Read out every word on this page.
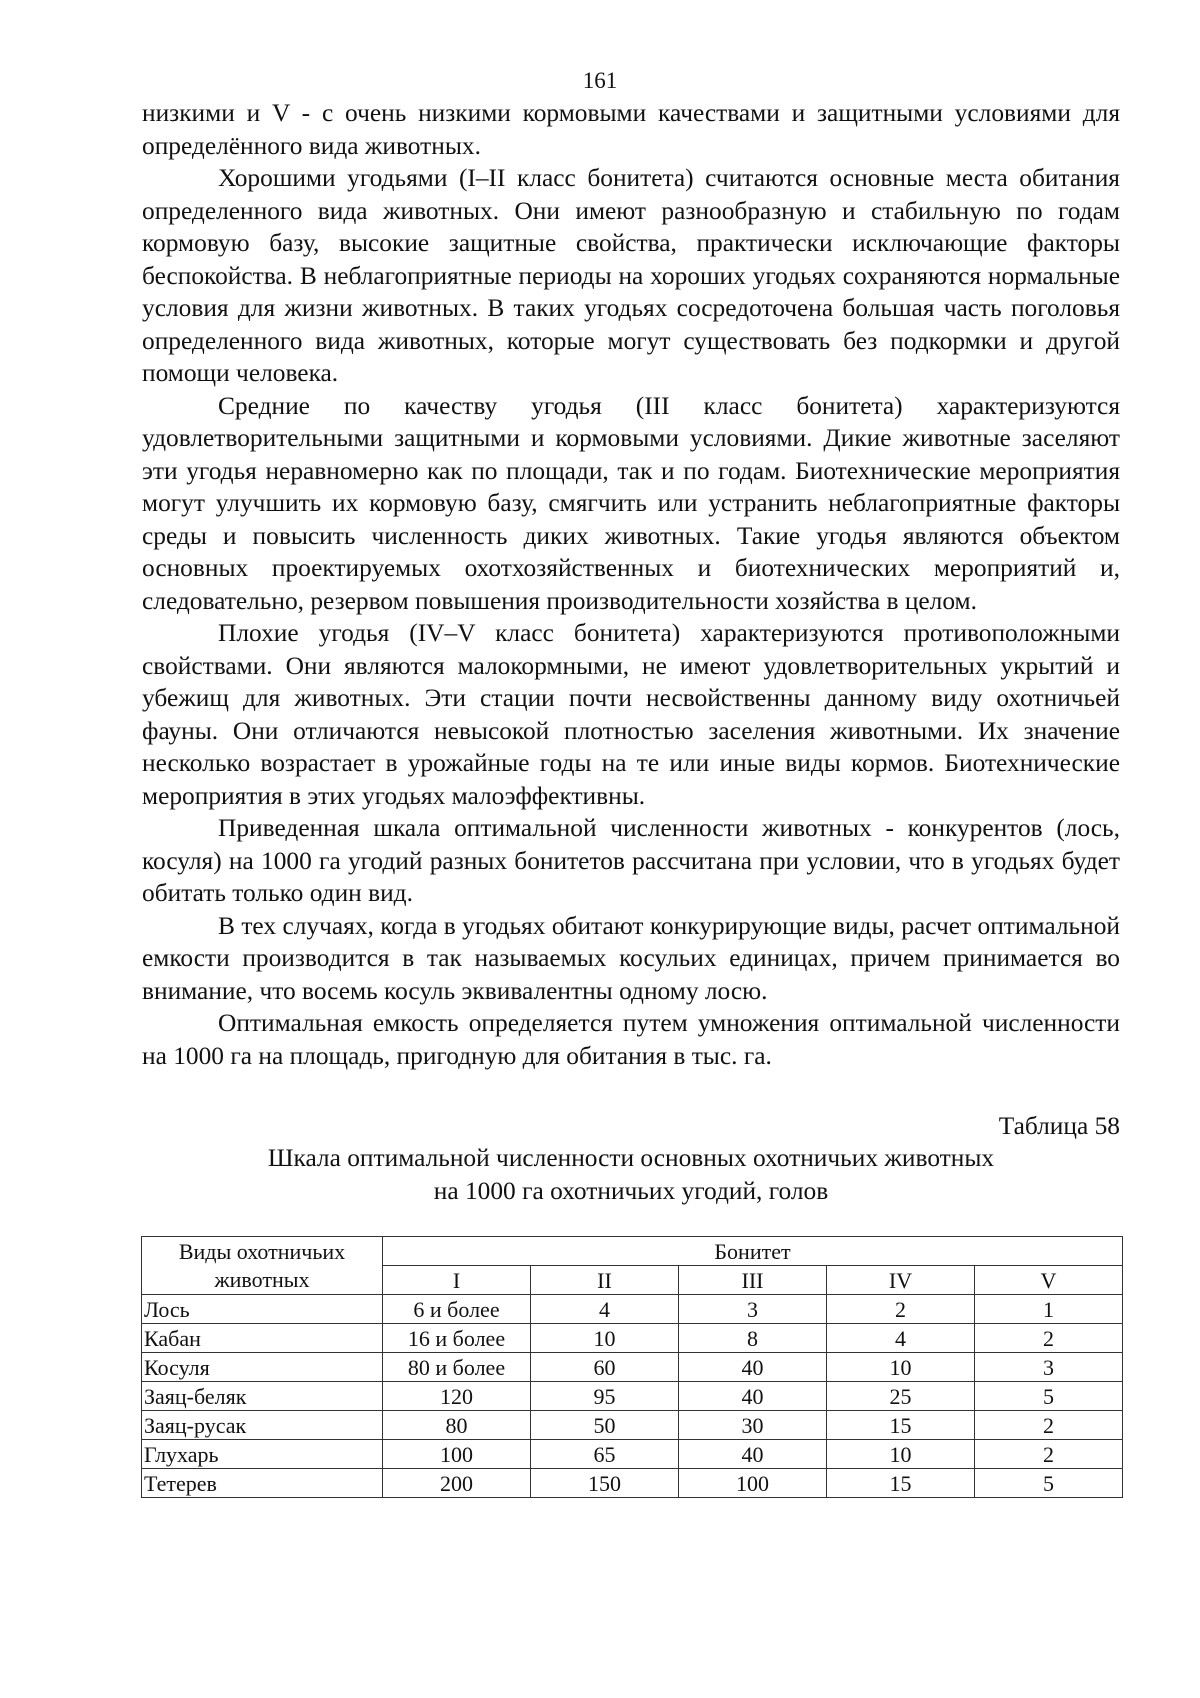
161

низкими и V - с очень низкими кормовыми качествами и защитными условиями для определённого вида животных.

Хорошими угодьями (I–II класс бонитета) считаются основные места обитания определенного вида животных. Они имеют разнообразную и стабильную по годам кормовую базу, высокие защитные свойства, практически исключающие факторы беспокойства. В неблагоприятные периоды на хороших угодьях сохраняются нормальные условия для жизни животных. В таких угодьях сосредоточена большая часть поголовья определенного вида животных, которые могут существовать без подкормки и другой помощи человека.

Средние по качеству угодья (III класс бонитета) характеризуются удовлетворительными защитными и кормовыми условиями. Дикие животные заселяют эти угодья неравномерно как по площади, так и по годам. Биотехнические мероприятия могут улучшить их кормовую базу, смягчить или устранить неблагоприятные факторы среды и повысить численность диких животных. Такие угодья являются объектом основных проектируемых охотхозяйственных и биотехнических мероприятий и, следовательно, резервом повышения производительности хозяйства в целом.

Плохие угодья (IV–V класс бонитета) характеризуются противоположными свойствами. Они являются малокормными, не имеют удовлетворительных укрытий и убежищ для животных. Эти стации почти несвойственны данному виду охотничьей фауны. Они отличаются невысокой плотностью заселения животными. Их значение несколько возрастает в урожайные годы на те или иные виды кормов. Биотехнические мероприятия в этих угодьях малоэффективны.

Приведенная шкала оптимальной численности животных - конкурентов (лось, косуля) на 1000 га угодий разных бонитетов рассчитана при условии, что в угодьях будет обитать только один вид.

В тех случаях, когда в угодьях обитают конкурирующие виды, расчет оптимальной емкости производится в так называемых косульих единицах, причем принимается во внимание, что восемь косуль эквивалентны одному лосю.

Оптимальная емкость определяется путем умножения оптимальной численности на 1000 га на площадь, пригодную для обитания в тыс. га.

Таблица 58
Шкала оптимальной численности основных охотничьих животных
на 1000 га охотничьих угодий, голов
Виды охотничьих животных	Бонитет				
	I	II	III	IV	V
Лось	6 и более	4	3	2	1
Кабан	16 и более	10	8	4	2
Косуля	80 и более	60	40	10	3
Заяц-беляк	120	95	40	25	5
Заяц-русак	80	50	30	15	2
Глухарь	100	65	40	10	2
Тетерев	200	150	100	15	5
